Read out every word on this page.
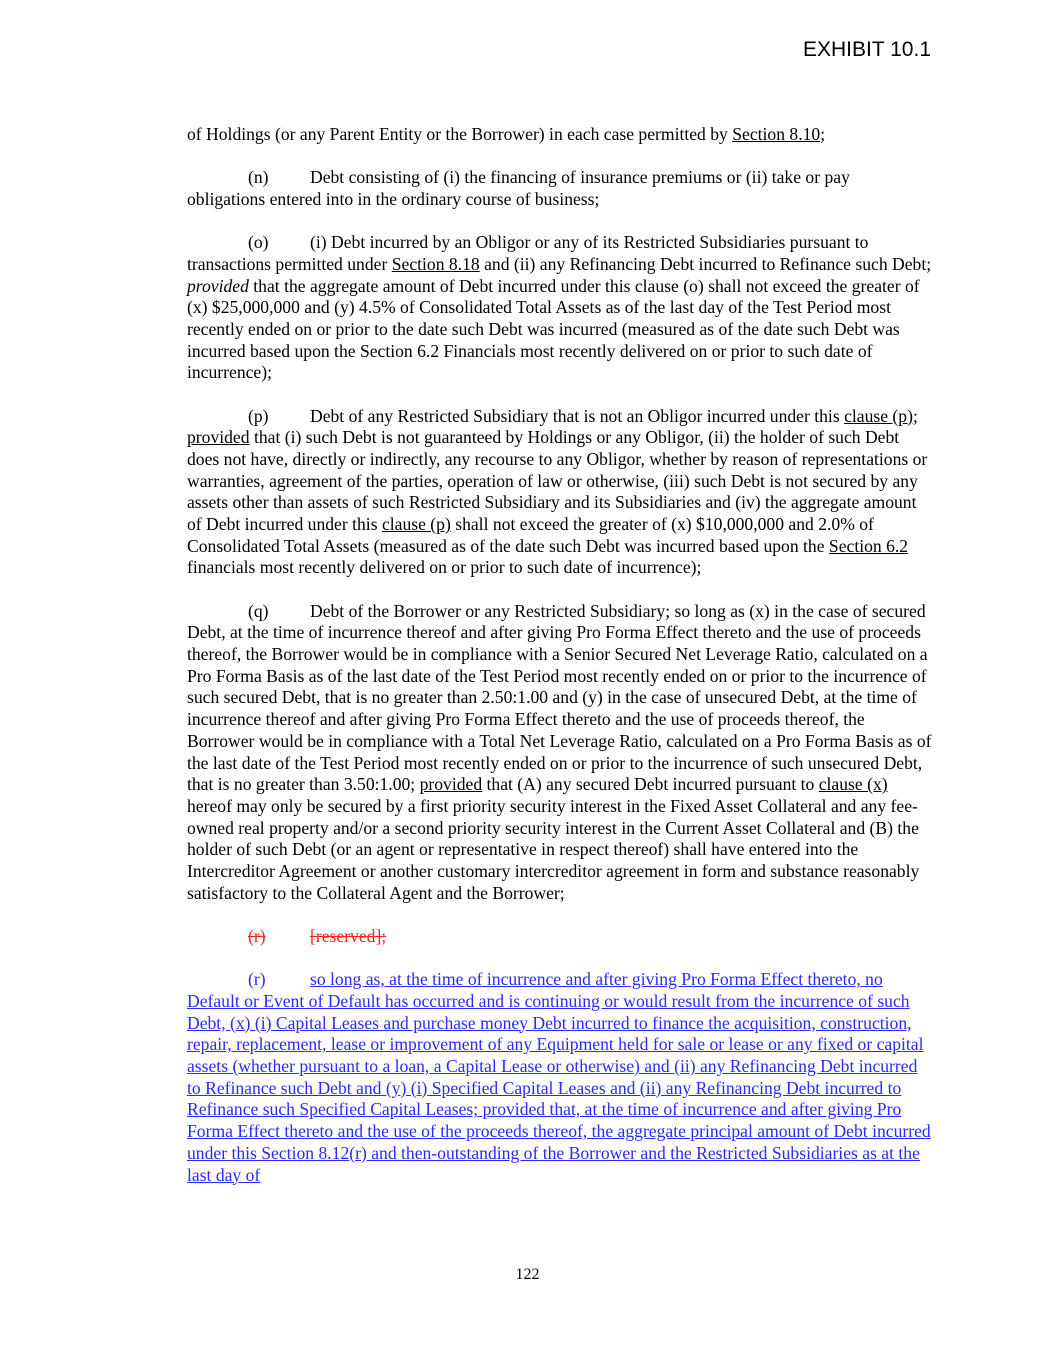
EXHIBIT 10.1

of Holdings (or any Parent Entity or the Borrower) in each case permitted by Section 8.10;

(n) Debt consisting of (i) the financing of insurance premiums or (ii) take or pay obligations entered into in the ordinary course of business;

(o) (i) Debt incurred by an Obligor or any of its Restricted Subsidiaries pursuant to transactions permitted under Section 8.18 and (ii) any Refinancing Debt incurred to Refinance such Debt; provided that the aggregate amount of Debt incurred under this clause (o) shall not exceed the greater of (x) $25,000,000 and (y) 4.5% of Consolidated Total Assets as of the last day of the Test Period most recently ended on or prior to the date such Debt was incurred (measured as of the date such Debt was incurred based upon the Section 6.2 Financials most recently delivered on or prior to such date of incurrence);

(p) Debt of any Restricted Subsidiary that is not an Obligor incurred under this clause (p); provided that (i) such Debt is not guaranteed by Holdings or any Obligor, (ii) the holder of such Debt does not have, directly or indirectly, any recourse to any Obligor, whether by reason of representations or warranties, agreement of the parties, operation of law or otherwise, (iii) such Debt is not secured by any assets other than assets of such Restricted Subsidiary and its Subsidiaries and (iv) the aggregate amount of Debt incurred under this clause (p) shall not exceed the greater of (x) $10,000,000 and 2.0% of Consolidated Total Assets (measured as of the date such Debt was incurred based upon the Section 6.2 financials most recently delivered on or prior to such date of incurrence);

(q) Debt of the Borrower or any Restricted Subsidiary; so long as (x) in the case of secured Debt, at the time of incurrence thereof and after giving Pro Forma Effect thereto and the use of proceeds thereof, the Borrower would be in compliance with a Senior Secured Net Leverage Ratio, calculated on a Pro Forma Basis as of the last date of the Test Period most recently ended on or prior to the incurrence of such secured Debt, that is no greater than 2.50:1.00 and (y) in the case of unsecured Debt, at the time of incurrence thereof and after giving Pro Forma Effect thereto and the use of proceeds thereof, the Borrower would be in compliance with a Total Net Leverage Ratio, calculated on a Pro Forma Basis as of the last date of the Test Period most recently ended on or prior to the incurrence of such unsecured Debt, that is no greater than 3.50:1.00; provided that (A) any secured Debt incurred pursuant to clause (x) hereof may only be secured by a first priority security interest in the Fixed Asset Collateral and any fee-owned real property and/or a second priority security interest in the Current Asset Collateral and (B) the holder of such Debt (or an agent or representative in respect thereof) shall have entered into the Intercreditor Agreement or another customary intercreditor agreement in form and substance reasonably satisfactory to the Collateral Agent and the Borrower;

(r)	[reserved];

(r)	so long as, at the time of incurrence and after giving Pro Forma Effect thereto, no Default or Event of Default has occurred and is continuing or would result from the incurrence of such Debt, (x) (i) Capital Leases and purchase money Debt incurred to finance the acquisition, construction, repair, replacement, lease or improvement of any Equipment held for sale or lease or any fixed or capital assets (whether pursuant to a loan, a Capital Lease or otherwise) and (ii) any Refinancing Debt incurred to Refinance such Debt and (y) (i) Specified Capital Leases and (ii) any Refinancing Debt incurred to Refinance such Specified Capital Leases; provided that, at the time of incurrence and after giving Pro Forma Effect thereto and the use of the proceeds thereof, the aggregate principal amount of Debt incurred under this Section 8.12(r) and then-outstanding of the Borrower and the Restricted Subsidiaries as at the last day of

122
